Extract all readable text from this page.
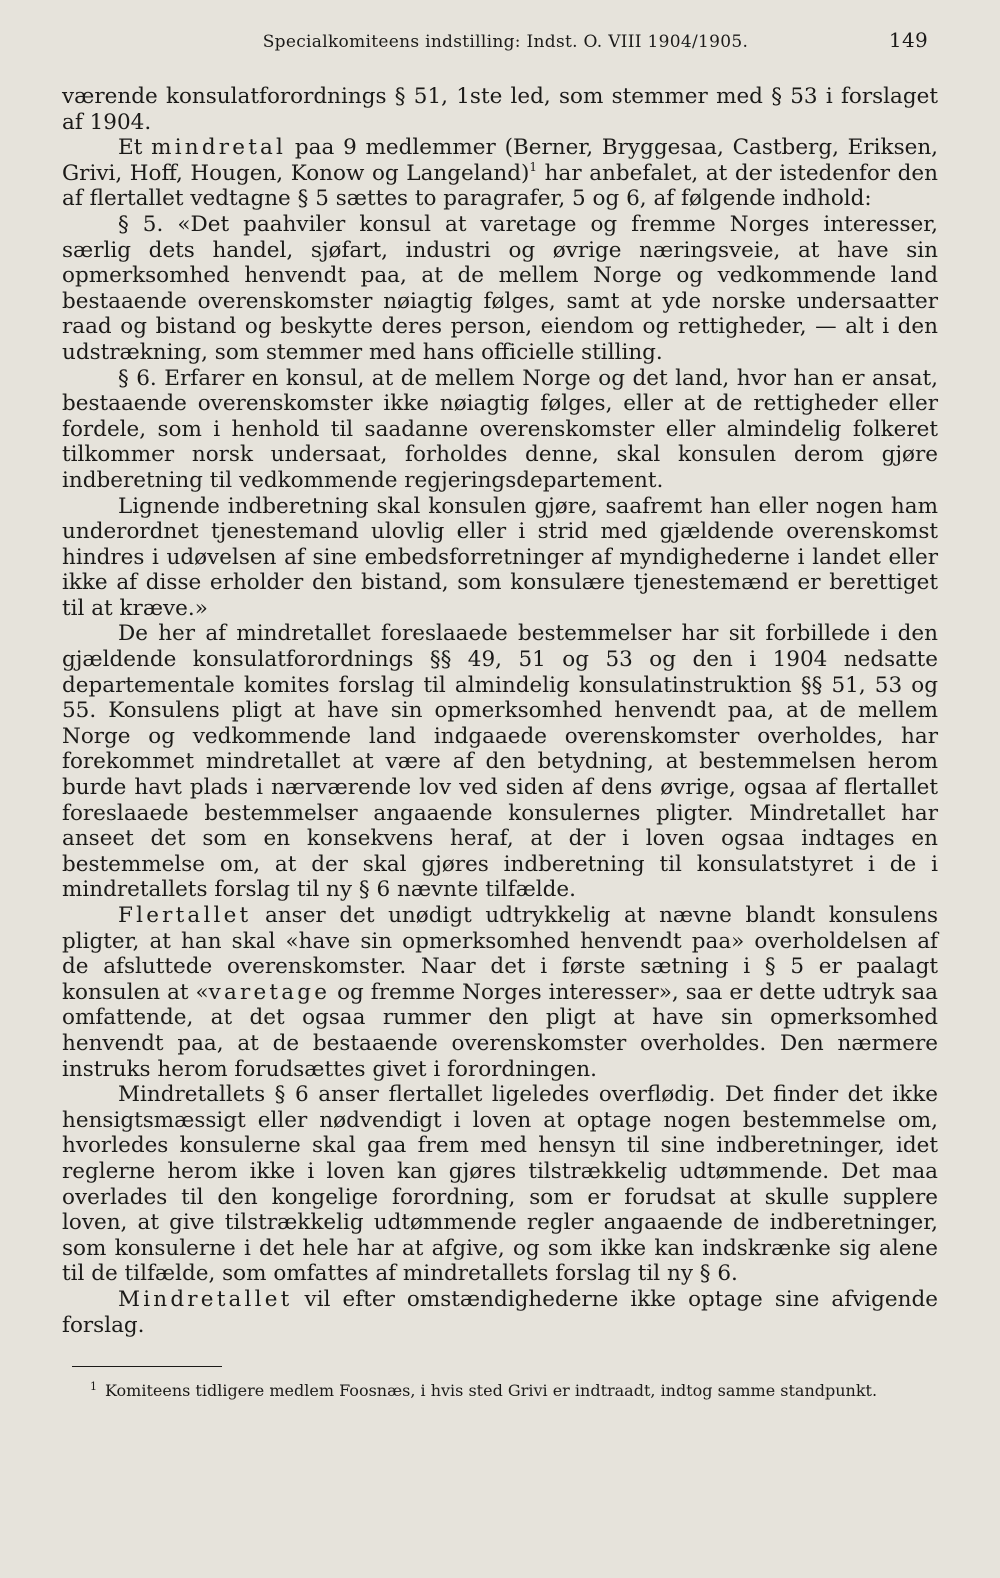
Specialkomiteens indstilling: Indst. O. VIII 1904/1905.	149

værende konsulatforordnings § 51, 1ste led, som stemmer med § 53 i forslaget af 1904.

Et mindretal paa 9 medlemmer (Berner, Bryggesaa, Castberg, Eriksen, Grivi, Hoff, Hougen, Konow og Langeland)$^1$ har anbefalet, at der istedenfor den af flertallet vedtagne § 5 sættes to paragrafer, 5 og 6, af følgende indhold:

§ 5. «Det paahviler konsul at varetage og fremme Norges interesser, særlig dets handel, sjøfart, industri og øvrige næringsveie, at have sin opmerksomhed henvendt paa, at de mellem Norge og vedkommende land bestaaende overenskomster nøiagtig følges, samt at yde norske undersaatter raad og bistand og beskytte deres person, eiendom og rettigheder, — alt i den udstrækning, som stemmer med hans officielle stilling.

§ 6. Erfarer en konsul, at de mellem Norge og det land, hvor han er ansat, bestaaende overenskomster ikke nøiagtig følges, eller at de rettigheder eller fordele, som i henhold til saadanne overenskomster eller almindelig folkeret tilkommer norsk undersaat, forholdes denne, skal konsulen derom gjøre indberetning til vedkommende regjeringsdepartement.

Lignende indberetning skal konsulen gjøre, saafremt han eller nogen ham underordnet tjenestemand ulovlig eller i strid med gjældende overenskomst hindres i udøvelsen af sine embedsforretninger af myndighederne i landet eller ikke af disse erholder den bistand, som konsulære tjenestemænd er berettiget til at kræve.»

De her af mindretallet foreslaaede bestemmelser har sit forbillede i den gjældende konsulatforordnings §§ 49, 51 og 53 og den i 1904 nedsatte departementale komites forslag til almindelig konsulatinstruktion §§ 51, 53 og 55. Konsulens pligt at have sin opmerksomhed henvendt paa, at de mellem Norge og vedkommende land indgaaede overenskomster overholdes, har forekommet mindretallet at være af den betydning, at bestemmelsen herom burde havt plads i nærværende lov ved siden af dens øvrige, ogsaa af flertallet foreslaaede bestemmelser angaaende konsulernes pligter. Mindretallet har anseet det som en konsekvens heraf, at der i loven ogsaa indtages en bestemmelse om, at der skal gjøres indberetning til konsulatstyret i de i mindretallets forslag til ny § 6 nævnte tilfælde.

Flertallet anser det unødigt udtrykkelig at nævne blandt konsulens pligter, at han skal «have sin opmerksomhed henvendt paa» overholdelsen af de afsluttede overenskomster. Naar det i første sætning i § 5 er paalagt konsulen at «varetage og fremme Norges interesser», saa er dette udtryk saa omfattende, at det ogsaa rummer den pligt at have sin opmerksomhed henvendt paa, at de bestaaende overenskomster overholdes. Den nærmere instruks herom forudsættes givet i forordningen.

Mindretallets § 6 anser flertallet ligeledes overflødig. Det finder det ikke hensigtsmæssigt eller nødvendigt i loven at optage nogen bestemmelse om, hvorledes konsulerne skal gaa frem med hensyn til sine indberetninger, idet reglerne herom ikke i loven kan gjøres tilstrækkelig udtømmende. Det maa overlades til den kongelige forordning, som er forudsat at skulle supplere loven, at give tilstrækkelig udtømmende regler angaaende de indberetninger, som konsulerne i det hele har at afgive, og som ikke kan indskrænke sig alene til de tilfælde, som omfattes af mindretallets forslag til ny § 6.

Mindretallet vil efter omstændighederne ikke optage sine afvigende forslag.

$^1$ Komiteens tidligere medlem Foosnæs, i hvis sted Grivi er indtraadt, indtog samme standpunkt.
